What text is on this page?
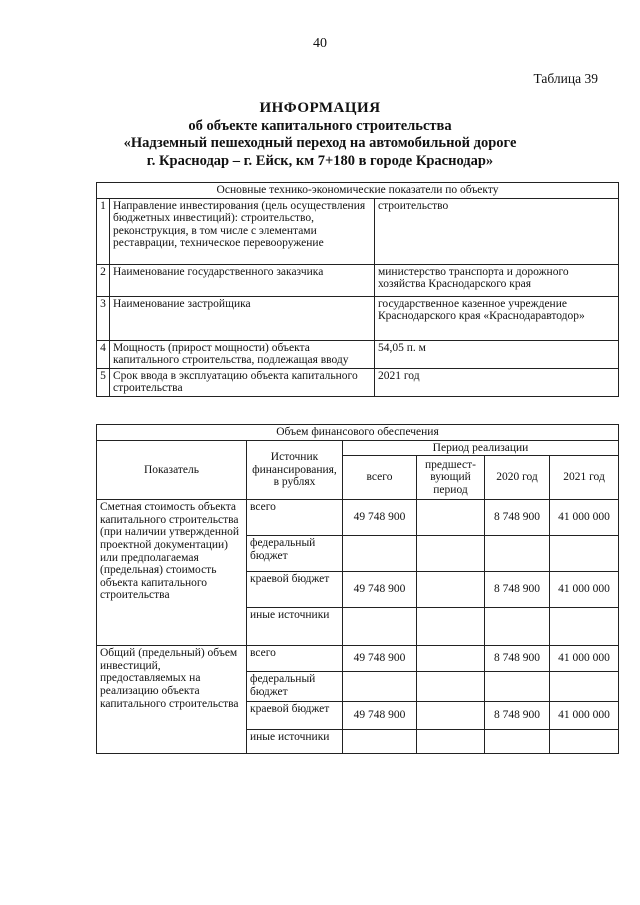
40
Таблица 39
ИНФОРМАЦИЯ
об объекте капитального строительства
«Надземный пешеходный переход на автомобильной дороге
г. Краснодар – г. Ейск, км 7+180 в городе Краснодар»
Основные технико-экономические показатели по объекту		
1	Направление инвестирования (цель осуществления бюджетных инвестиций): строительство, реконструкция, в том числе с элементами реставрации, техническое перевооружение	строительство
2	Наименование государственного заказчика	министерство транспорта и дорожного хозяйства Краснодарского края
3	Наименование застройщика	государственное казенное учреждение Краснодарского края «Краснодаравтодор»
4	Мощность (прирост мощности) объекта капитального строительства, подлежащая вводу	54,05 п. м
5	Срок ввода в эксплуатацию объекта капитального строительства	2021 год
Объем финансового обеспечения					
Показатель	Источник финансирования, в рублях	Период реализации			
		всего	предшест-вующий период	2020 год	2021 год
Сметная стоимость объекта капитального строительства (при наличии утвержденной проектной документации) или предполагаемая (предельная) стоимость объекта капитального строительства	всего	49 748 900		8 748 900	41 000 000
	федеральный бюджет				
	краевой бюджет	49 748 900		8 748 900	41 000 000
	иные источники				
Общий (предельный) объем инвестиций, предоставляемых на реализацию объекта капитального строительства	всего	49 748 900		8 748 900	41 000 000
	федеральный бюджет				
	краевой бюджет	49 748 900		8 748 900	41 000 000
	иные источники				
